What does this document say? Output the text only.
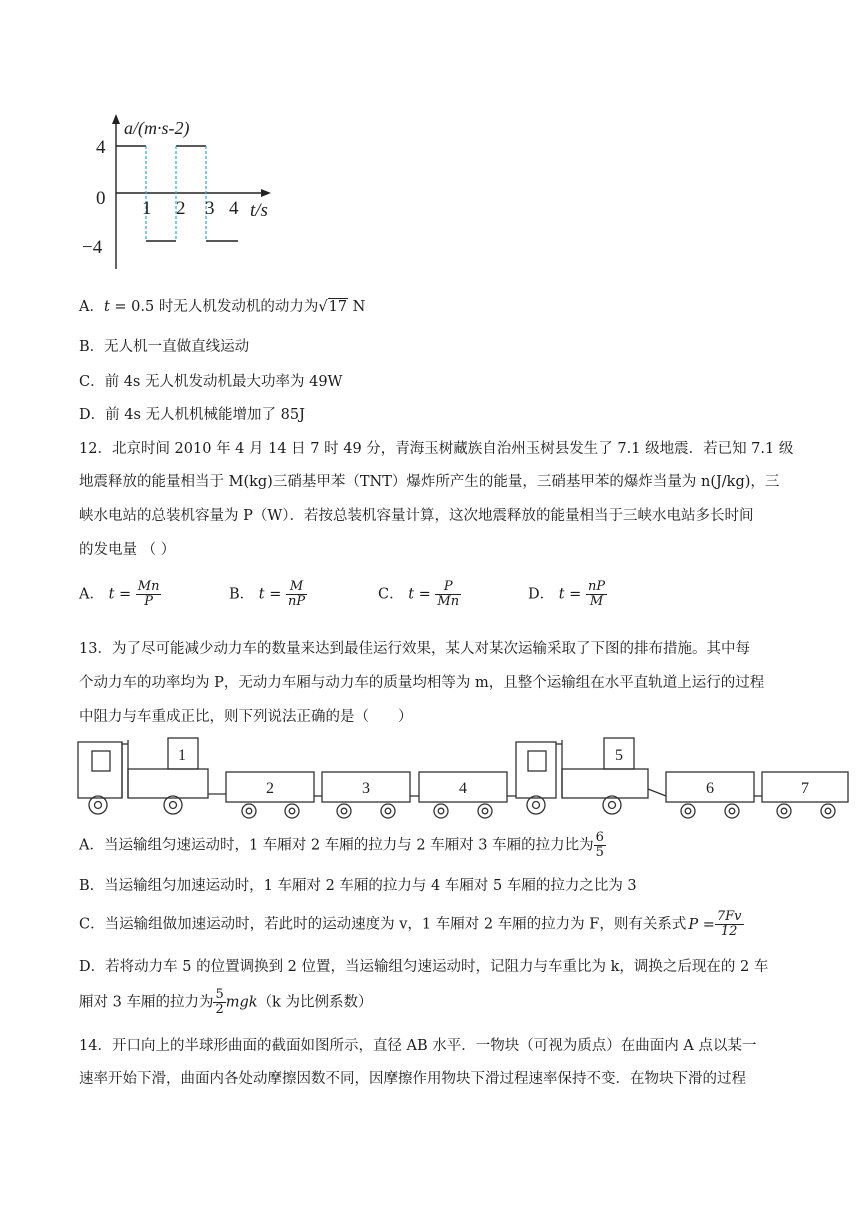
a/(m·s-2)
4
0
−4
1 2 3 4 t/s
A．t = 0.5 时无人机发动机的动力为√17 N
B．无人机一直做直线运动
C．前 4s 无人机发动机最大功率为 49W
D．前 4s 无人机机械能增加了 85J
12．北京时间 2010 年 4 月 14 日 7 时 49 分，青海玉树藏族自治州玉树县发生了 7.1 级地震．若已知 7.1 级
地震释放的能量相当于 M(kg)三硝基甲苯（TNT）爆炸所产生的能量，三硝基甲苯的爆炸当量为 n(J/kg)，三
峡水电站的总装机容量为 P（W）．若按总装机容量计算，这次地震释放的能量相当于三峡水电站多长时间
的发电量 （ ）
A． $t = \frac{Mn}{P}$	B． $t = \frac{M}{nP}$	C． $t = \frac{P}{Mn}$	D． $t = \frac{nP}{M}$
13．为了尽可能减少动力车的数量来达到最佳运行效果，某人对某次运输采取了下图的排布措施。其中每
个动力车的功率均为 P，无动力车厢与动力车的质量均相等为 m，且整个运输组在水平直轨道上运行的过程
中阻力与车重成正比，则下列说法正确的是（　　）
1
2	3	4
5
6	7
A．当运输组匀速运动时，1 车厢对 2 车厢的拉力与 2 车厢对 3 车厢的拉力比为 $\frac{6}{5}$
B．当运输组匀加速运动时，1 车厢对 2 车厢的拉力与 4 车厢对 5 车厢的拉力之比为 3
C．当运输组做加速运动时，若此时的运动速度为 v，1 车厢对 2 车厢的拉力为 F，则有关系式 $P = \frac{7Fv}{12}$
D．若将动力车 5 的位置调换到 2 位置，当运输组匀速运动时，记阻力与车重比为 k，调换之后现在的 2 车
厢对 3 车厢的拉力为 $\frac{5}{2} mgk(k$ 为比例系数）
14．开口向上的半球形曲面的截面如图所示，直径 AB 水平．一物块（可视为质点）在曲面内 A 点以某一
速率开始下滑，曲面内各处动摩擦因数不同，因摩擦作用物块下滑过程速率保持不变．在物块下滑的过程
